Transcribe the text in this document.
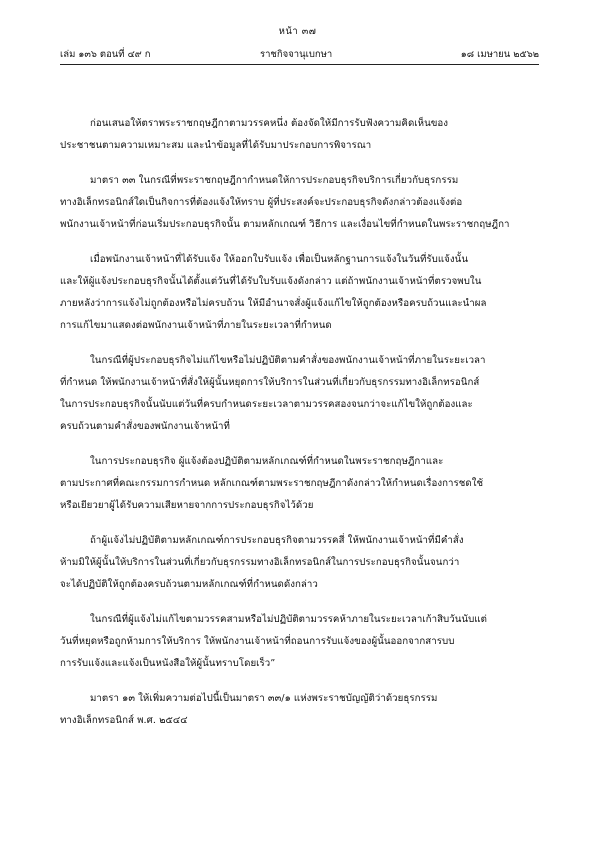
หน้า ๓๗
เล่ม ๑๓๖ ตอนที่ ๔๙ ก	ราชกิจจานุเบกษา	๑๘ เมษายน ๒๕๖๒
ก่อนเสนอให้ตราพระราชกฤษฎีกาตามวรรคหนึ่ง ต้องจัดให้มีการรับฟังความคิดเห็นของ
ประชาชนตามความเหมาะสม และนำข้อมูลที่ได้รับมาประกอบการพิจารณา
มาตรา ๓๓ ในกรณีที่พระราชกฤษฎีกากำหนดให้การประกอบธุรกิจบริการเกี่ยวกับธุรกรรม
ทางอิเล็กทรอนิกส์ใดเป็นกิจการที่ต้องแจ้งให้ทราบ ผู้ที่ประสงค์จะประกอบธุรกิจดังกล่าวต้องแจ้งต่อ
พนักงานเจ้าหน้าที่ก่อนเริ่มประกอบธุรกิจนั้น ตามหลักเกณฑ์ วิธีการ และเงื่อนไขที่กำหนดในพระราชกฤษฎีกา
เมื่อพนักงานเจ้าหน้าที่ได้รับแจ้ง ให้ออกใบรับแจ้ง เพื่อเป็นหลักฐานการแจ้งในวันที่รับแจ้งนั้น
และให้ผู้แจ้งประกอบธุรกิจนั้นได้ตั้งแต่วันที่ได้รับใบรับแจ้งดังกล่าว แต่ถ้าพนักงานเจ้าหน้าที่ตรวจพบใน
ภายหลังว่าการแจ้งไม่ถูกต้องหรือไม่ครบถ้วน ให้มีอำนาจสั่งผู้แจ้งแก้ไขให้ถูกต้องหรือครบถ้วนและนำผล
การแก้ไขมาแสดงต่อพนักงานเจ้าหน้าที่ภายในระยะเวลาที่กำหนด
ในกรณีที่ผู้ประกอบธุรกิจไม่แก้ไขหรือไม่ปฏิบัติตามคำสั่งของพนักงานเจ้าหน้าที่ภายในระยะเวลา
ที่กำหนด ให้พนักงานเจ้าหน้าที่สั่งให้ผู้นั้นหยุดการให้บริการในส่วนที่เกี่ยวกับธุรกรรมทางอิเล็กทรอนิกส์
ในการประกอบธุรกิจนั้นนับแต่วันที่ครบกำหนดระยะเวลาตามวรรคสองจนกว่าจะแก้ไขให้ถูกต้องและ
ครบถ้วนตามคำสั่งของพนักงานเจ้าหน้าที่
ในการประกอบธุรกิจ ผู้แจ้งต้องปฏิบัติตามหลักเกณฑ์ที่กำหนดในพระราชกฤษฎีกาและ
ตามประกาศที่คณะกรรมการกำหนด หลักเกณฑ์ตามพระราชกฤษฎีกาดังกล่าวให้กำหนดเรื่องการชดใช้
หรือเยียวยาผู้ได้รับความเสียหายจากการประกอบธุรกิจไว้ด้วย
ถ้าผู้แจ้งไม่ปฏิบัติตามหลักเกณฑ์การประกอบธุรกิจตามวรรคสี่ ให้พนักงานเจ้าหน้าที่มีคำสั่ง
ห้ามมิให้ผู้นั้นให้บริการในส่วนที่เกี่ยวกับธุรกรรมทางอิเล็กทรอนิกส์ในการประกอบธุรกิจนั้นจนกว่า
จะได้ปฏิบัติให้ถูกต้องครบถ้วนตามหลักเกณฑ์ที่กำหนดดังกล่าว
ในกรณีที่ผู้แจ้งไม่แก้ไขตามวรรคสามหรือไม่ปฏิบัติตามวรรคห้าภายในระยะเวลาเก้าสิบวันนับแต่
วันที่หยุดหรือถูกห้ามการให้บริการ ให้พนักงานเจ้าหน้าที่ถอนการรับแจ้งของผู้นั้นออกจากสารบบ
การรับแจ้งและแจ้งเป็นหนังสือให้ผู้นั้นทราบโดยเร็ว”
มาตรา ๑๓ ให้เพิ่มความต่อไปนี้เป็นมาตรา ๓๓/๑ แห่งพระราชบัญญัติว่าด้วยธุรกรรม
ทางอิเล็กทรอนิกส์ พ.ศ. ๒๕๔๔
